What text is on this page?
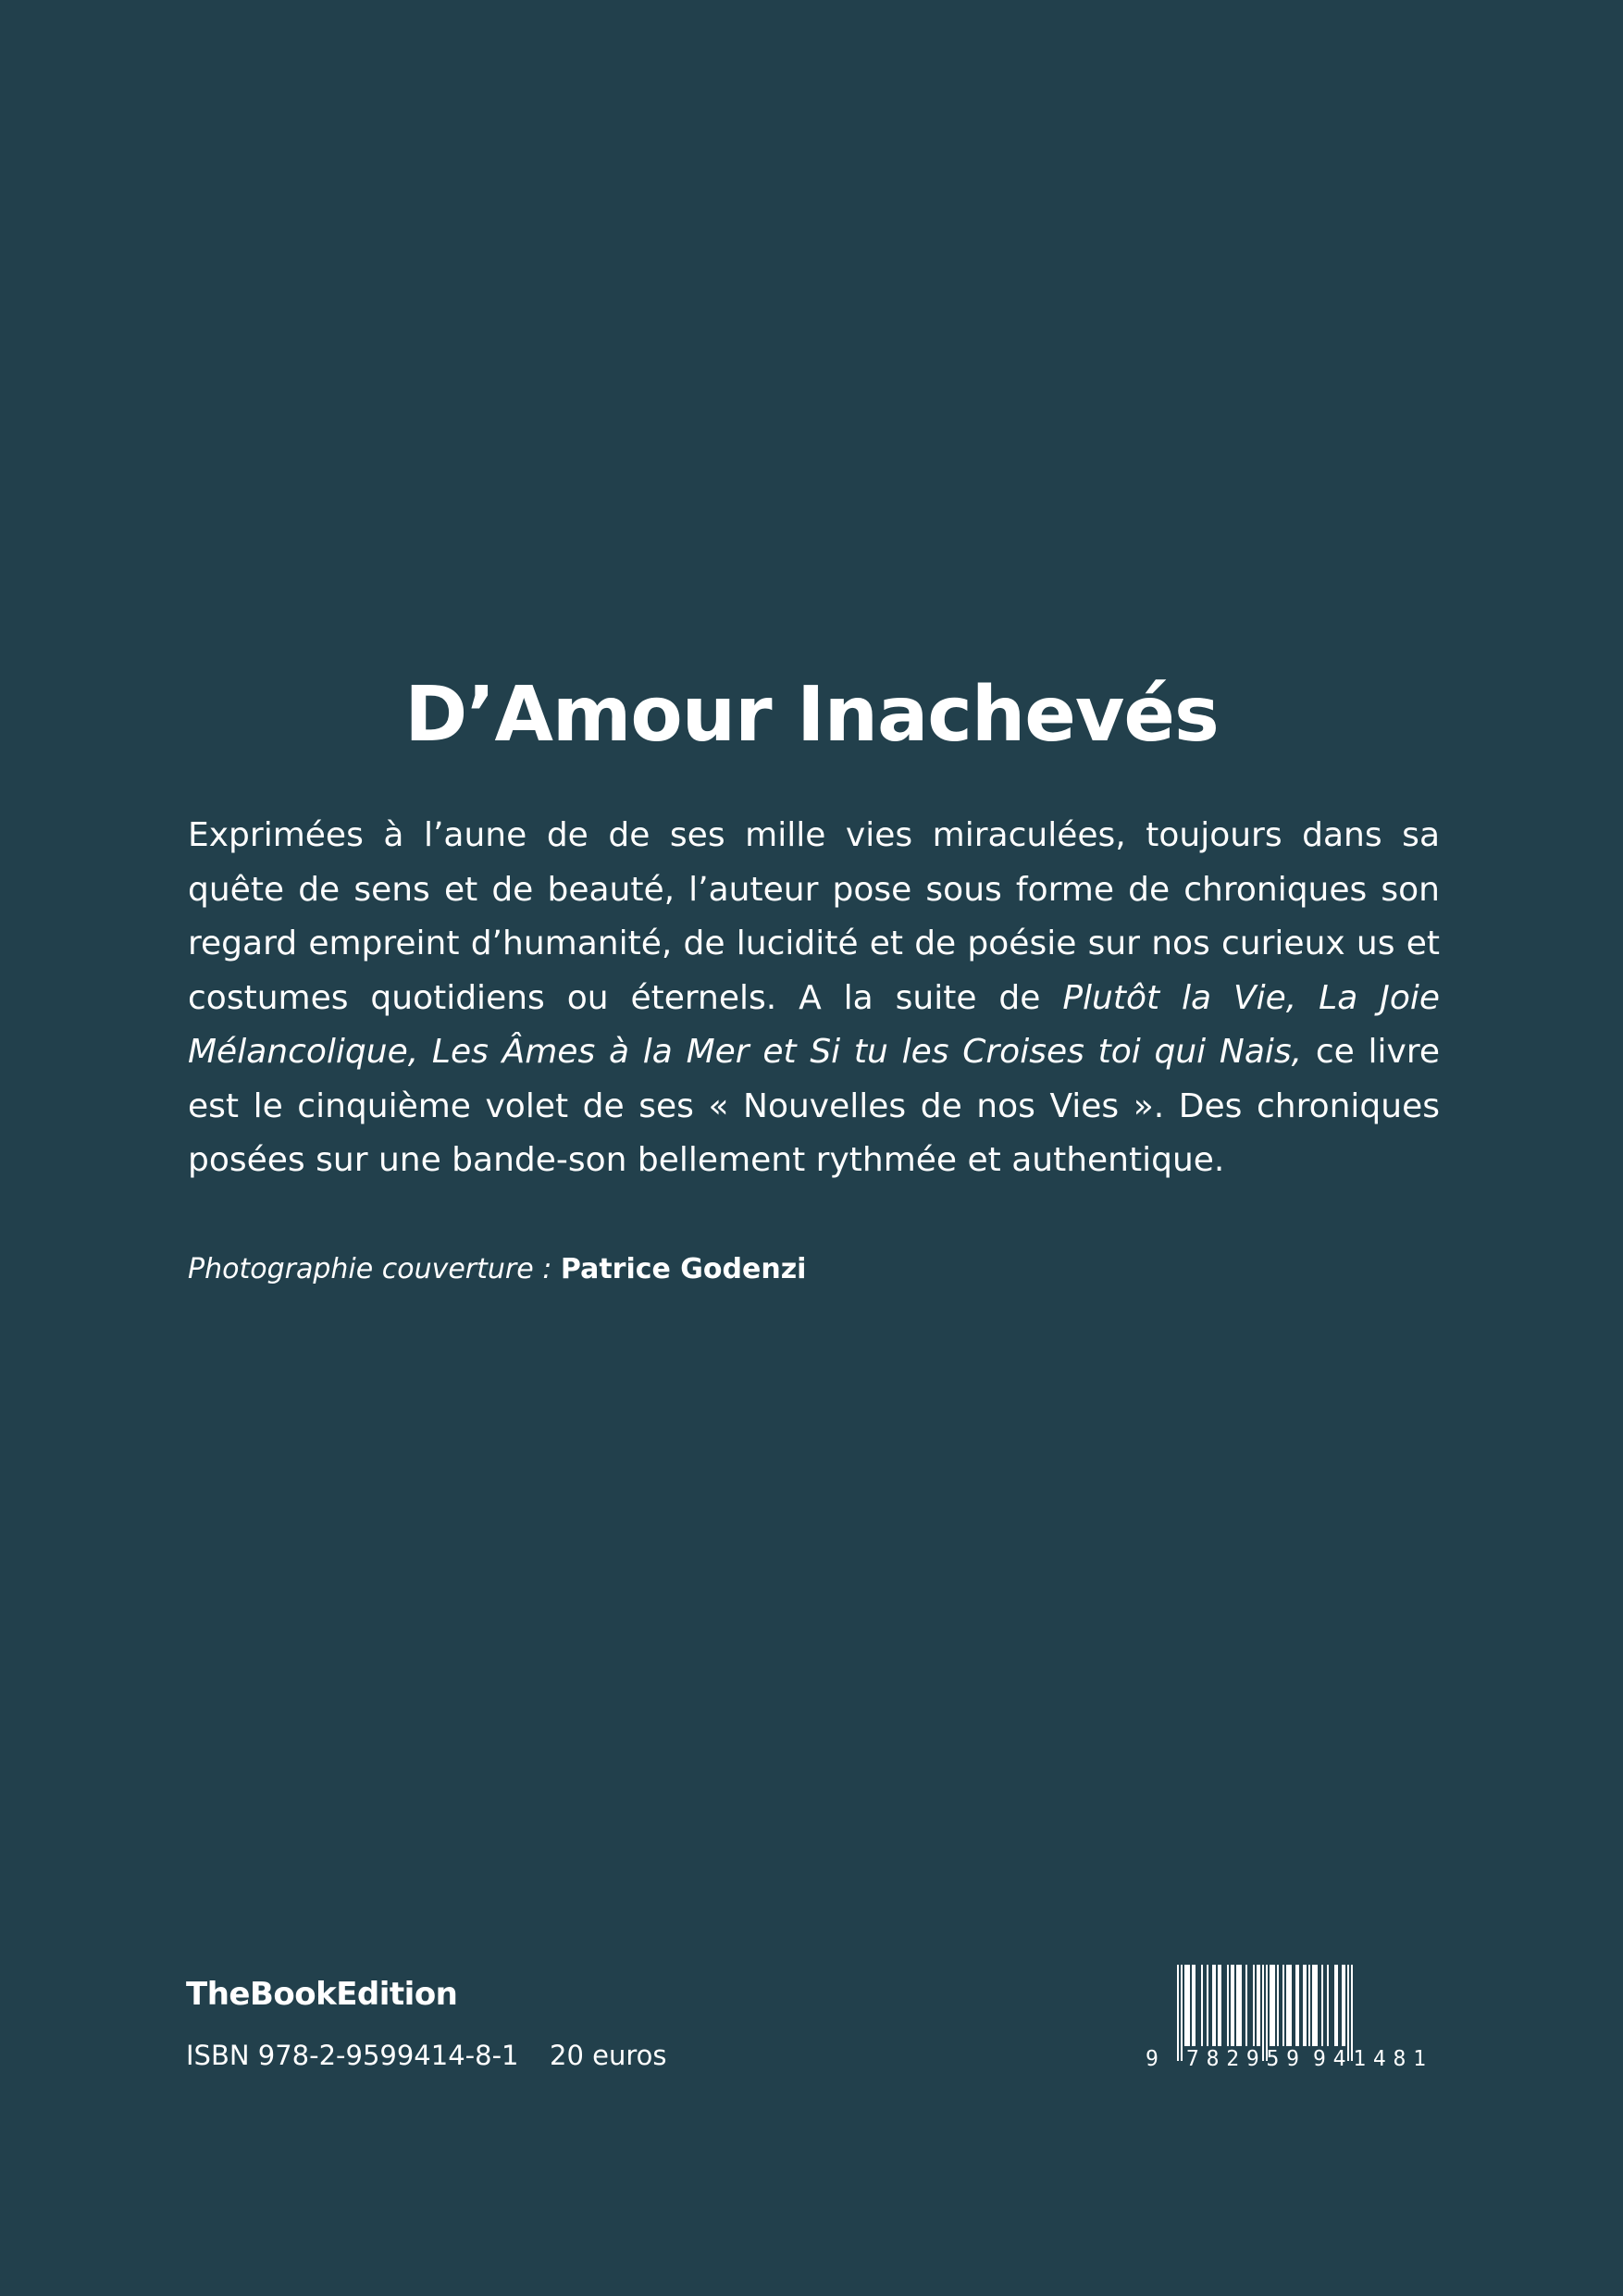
D’Amour Inachevés

Exprimées à l’aune de de ses mille vies miraculées, toujours dans sa quête de sens et de beauté, l’auteur pose sous forme de chroniques son regard empreint d’humanité, de lucidité et de poésie sur nos curieux us et costumes quotidiens ou éternels. A la suite de Plutôt la Vie, La Joie Mélancolique, Les Âmes à la Mer et Si tu les Croises toi qui Nais, ce livre est le cinquième volet de ses « Nouvelles de nos Vies ». Des chroniques posées sur une bande-son bellement rythmée et authentique.

Photographie couverture : Patrice Godenzi

TheBookEdition
ISBN 978-2-9599414-8-1 20 euros	9 782959 941481
